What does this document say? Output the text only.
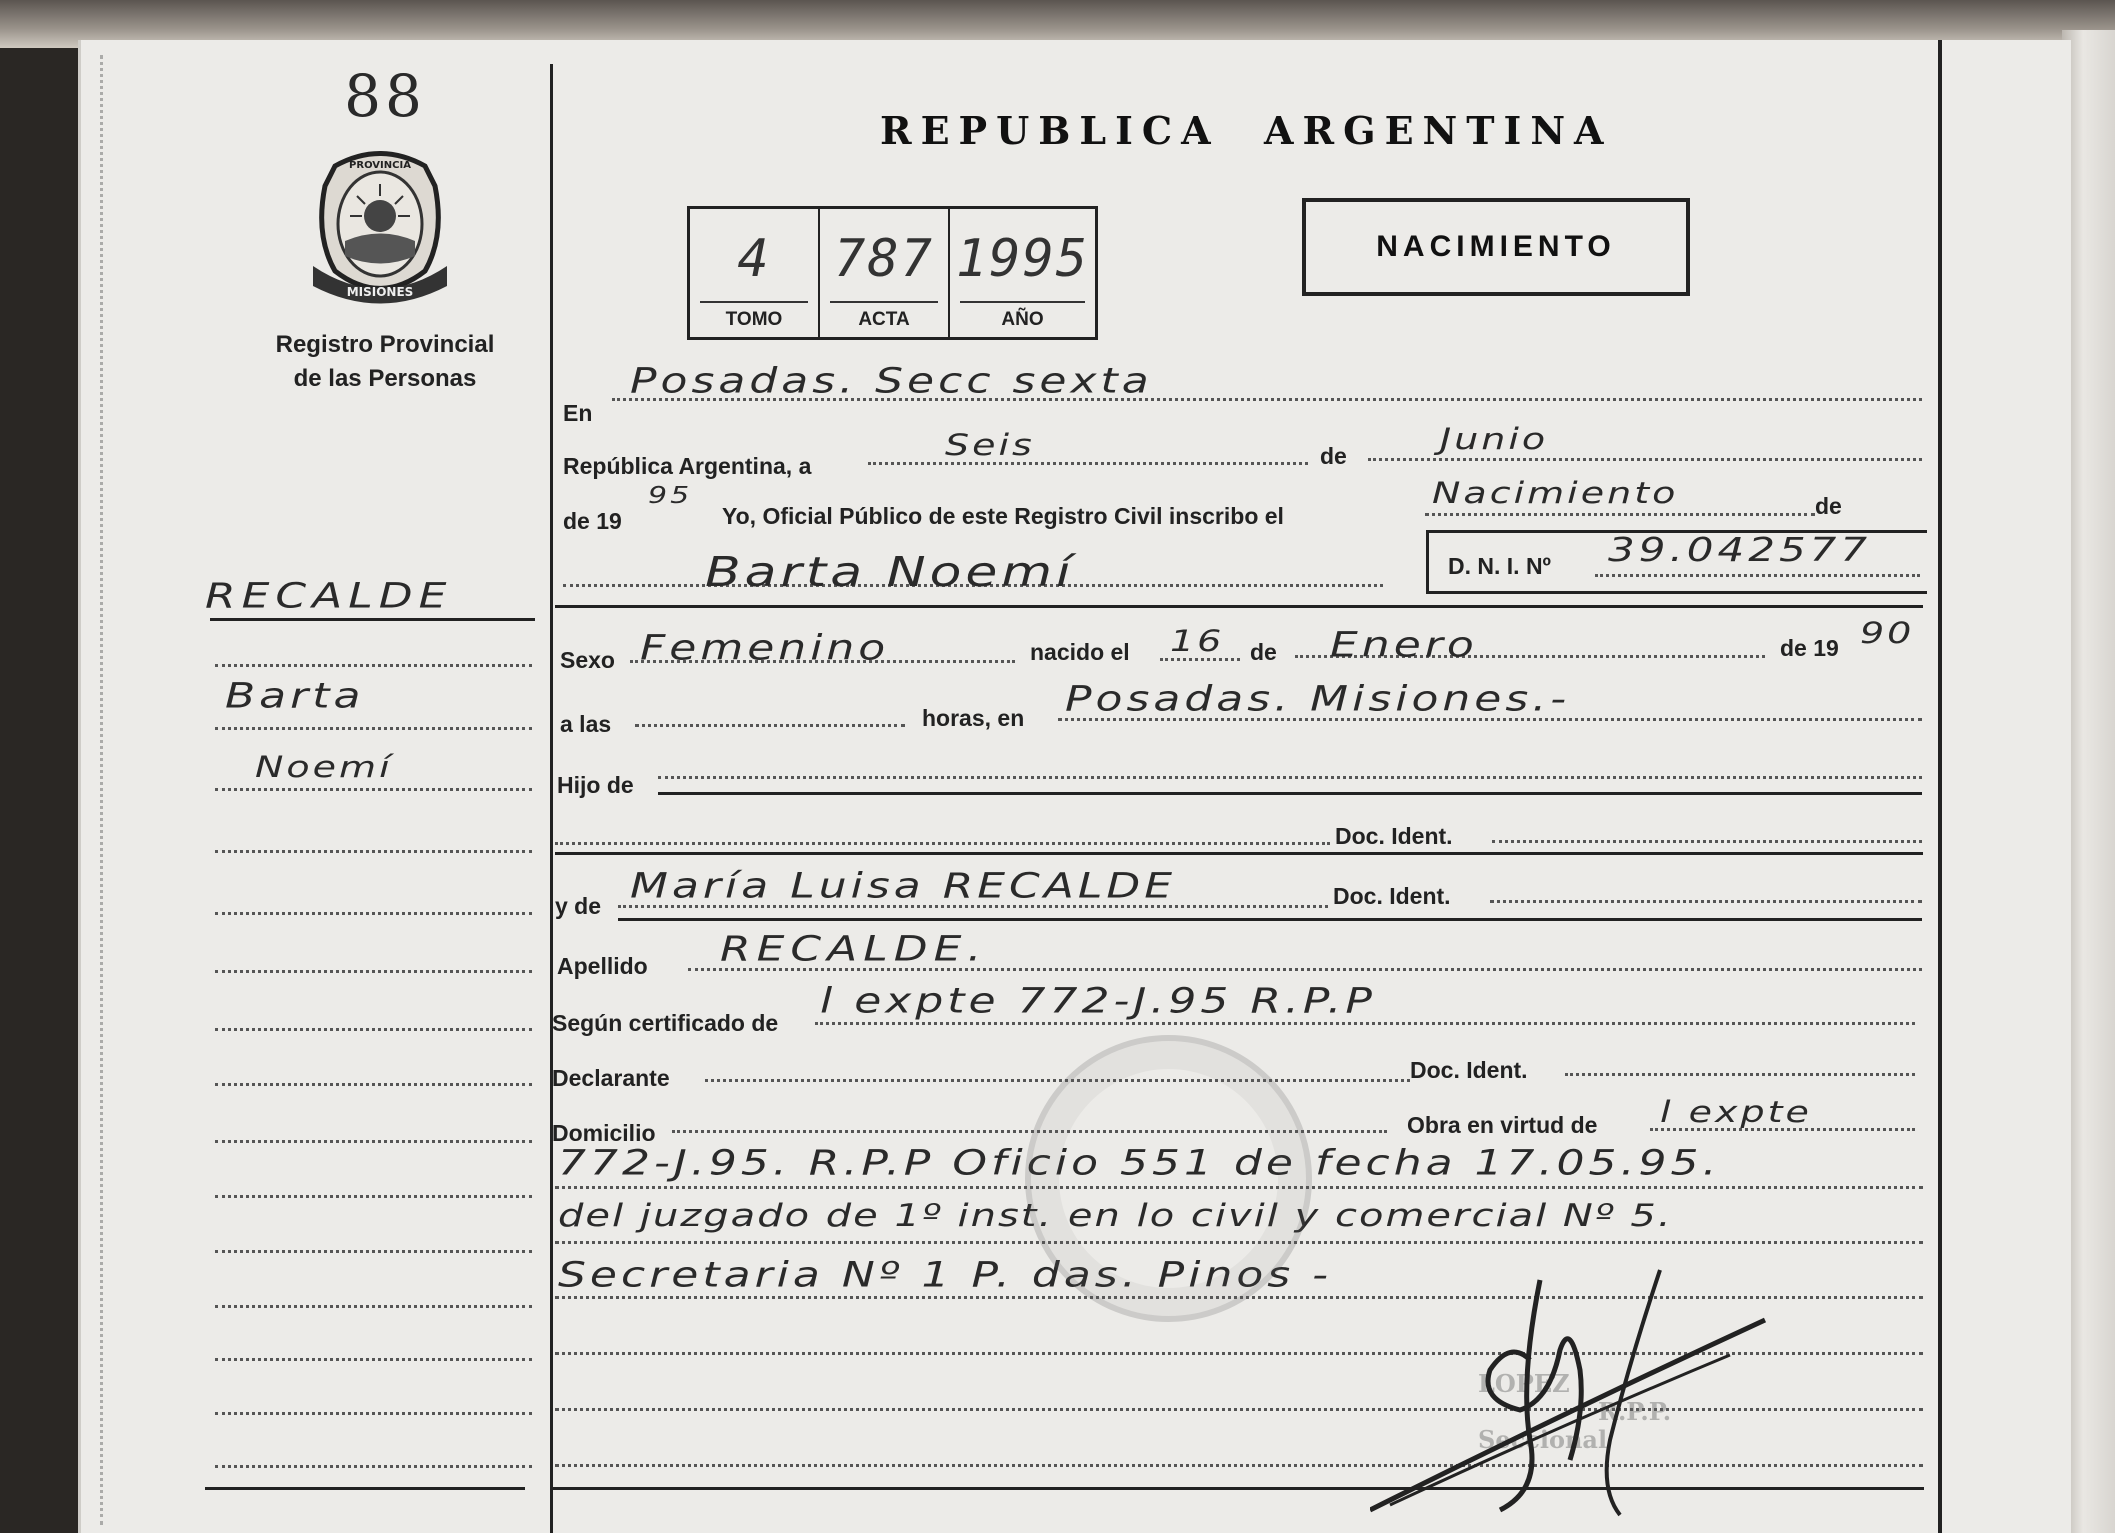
88
MISIONES
PROVINCIA
Registro Provincial
de las Personas
REPUBLICA  ARGENTINA
4
TOMO
787
ACTA
1995
AÑO
NACIMIENTO
RECALDE
Barta
Noemí
En
Posadas. Secc sexta
República Argentina, a
Seis	de Junio
de 19
95
Yo, Oficial Público de este Registro Civil inscribo el
Nacimiento	de
Barta Noemí	D. N. I. Nº 39.042577
Sexo Femenino	nacido el 16 de Enero	de 19 90
a las	horas, en Posadas. Misiones.-
Hijo de
Doc. Ident.
y de María Luisa RECALDE	Doc. Ident.
Apellido RECALDE.
Según certificado de
l expte 772-J.95 R.P.P
Declarante	Doc. Ident.
Domicilio	Obra en virtud de l expte
772-J.95. R.P.P Oficio 551 de fecha 17.05.95.
del juzgado de 1º inst. en lo civil y comercial Nº 5.
Secretaria Nº 1 P. das. Pinos -
LOPEZ
R.P.P.
Seccional
